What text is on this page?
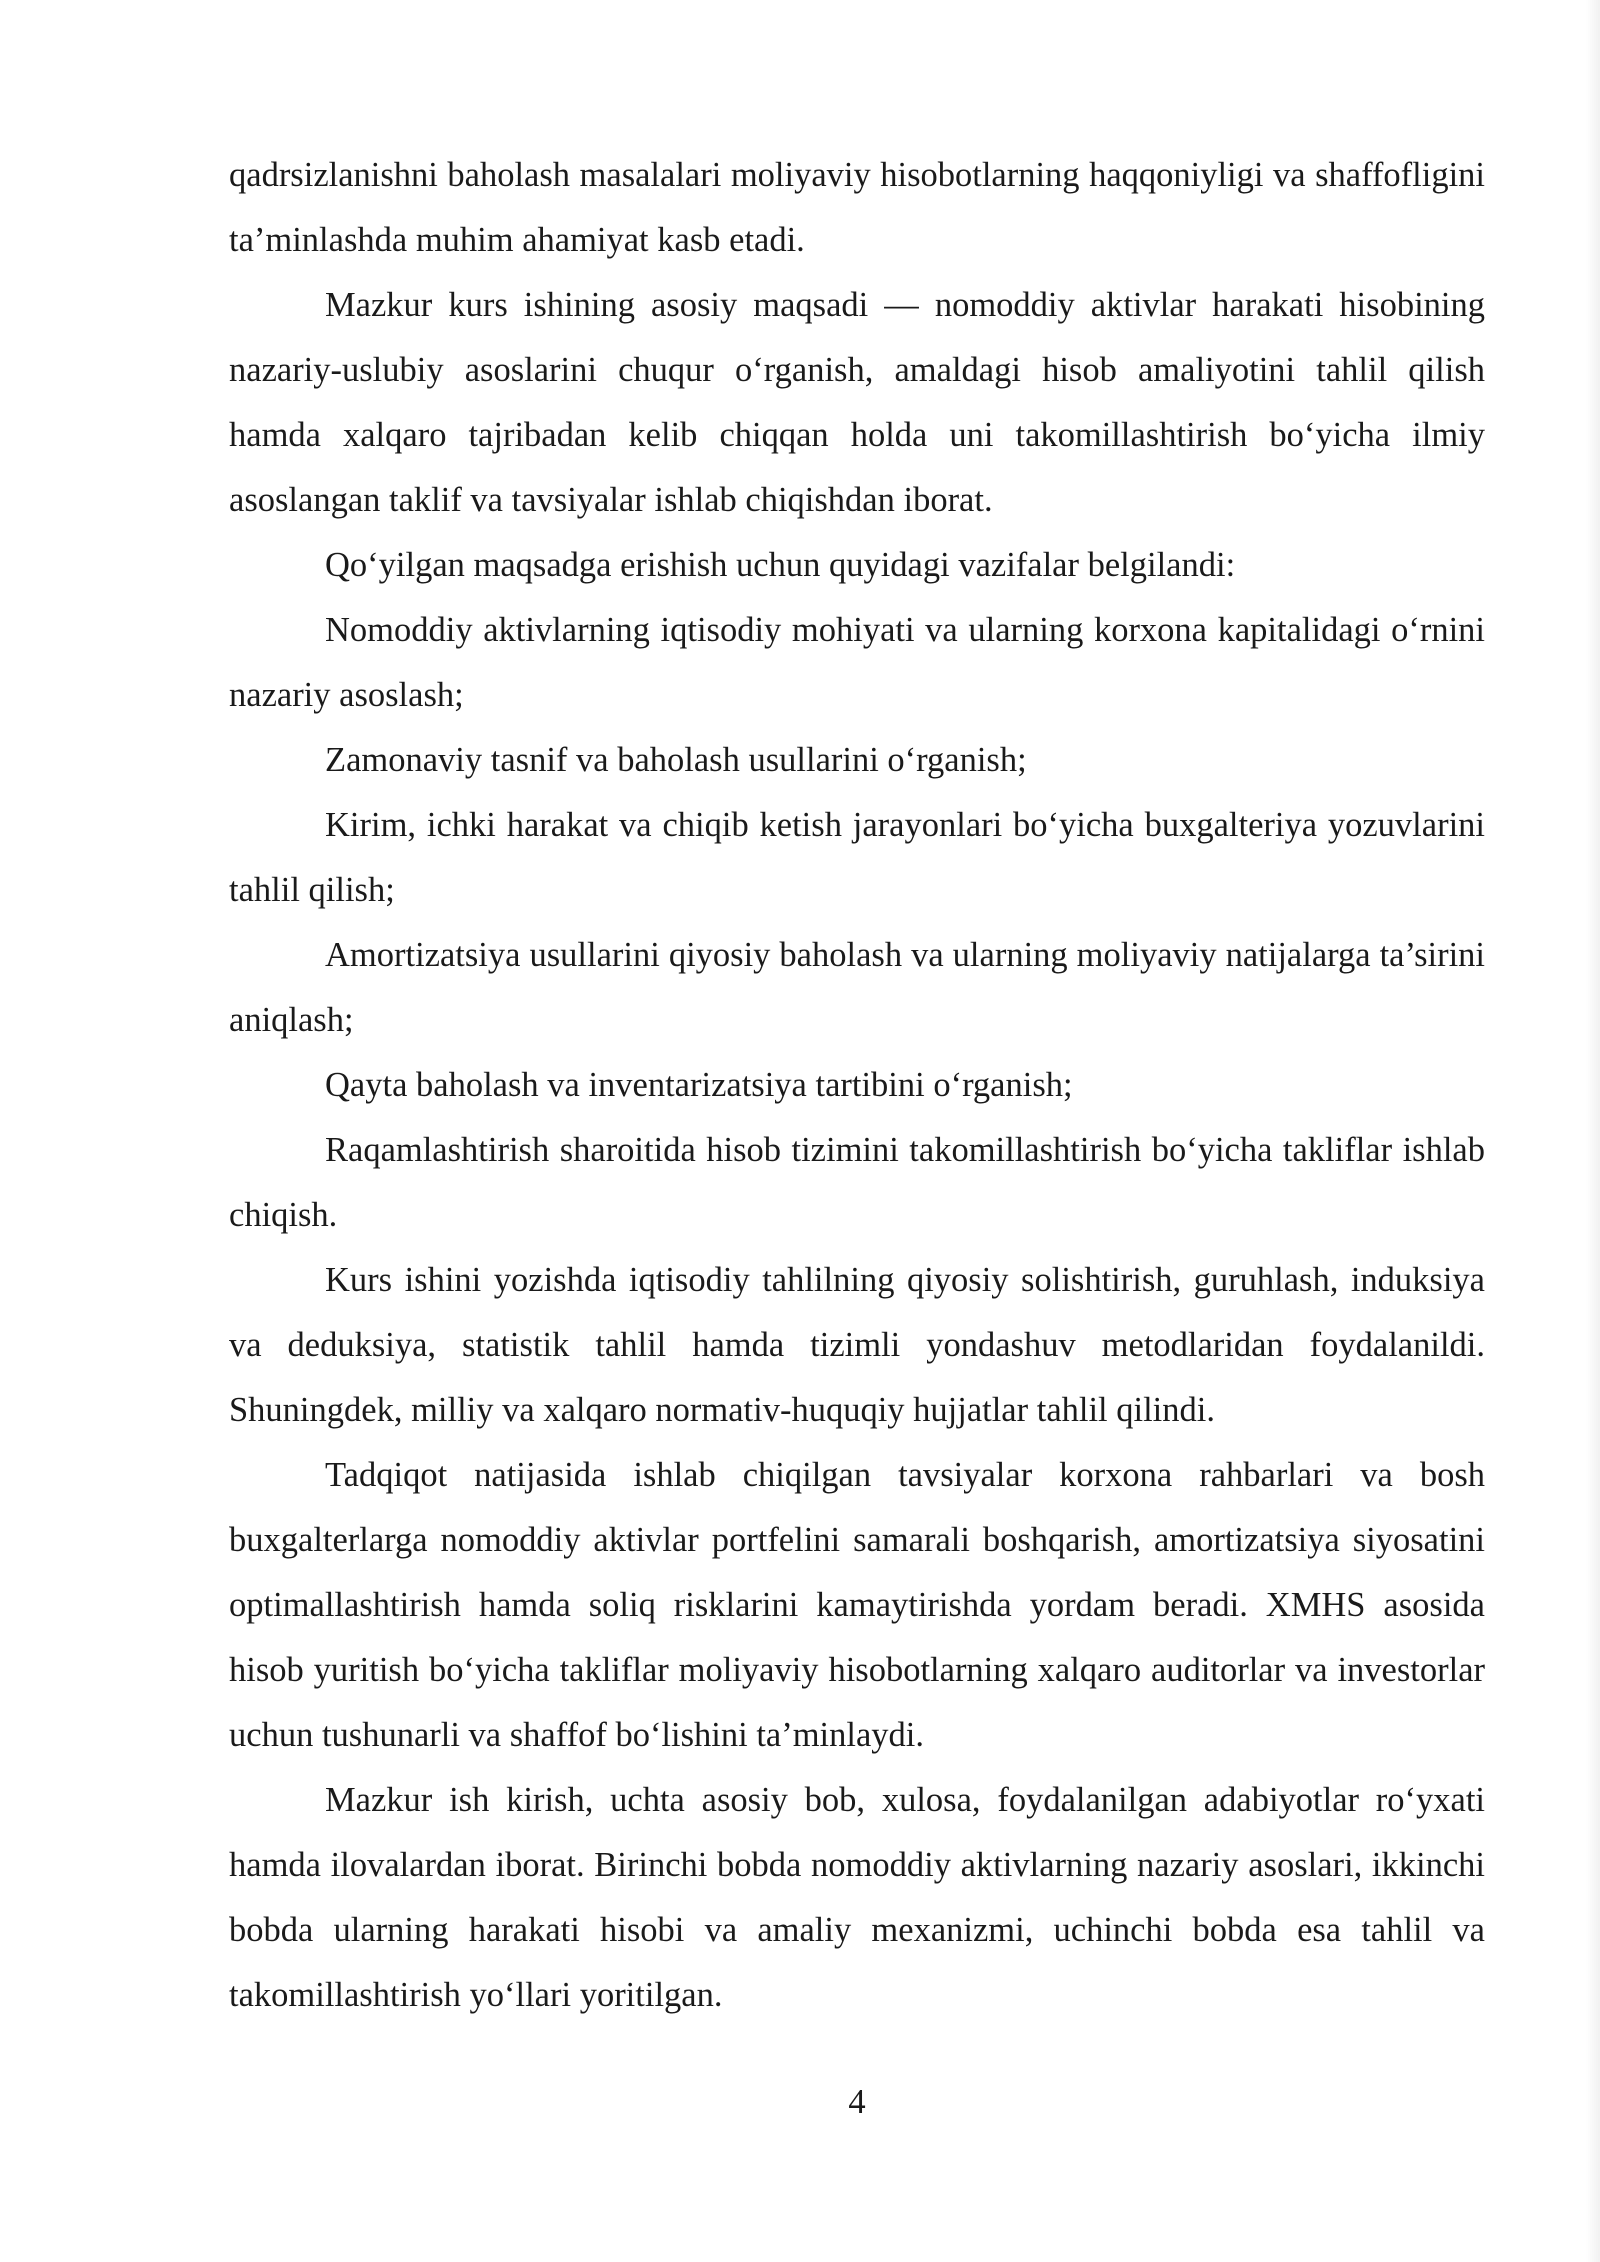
qadrsizlanishni baholash masalalari moliyaviy hisobotlarning haqqoniyligi va shaffofligini ta’minlashda muhim ahamiyat kasb etadi.

Mazkur kurs ishining asosiy maqsadi — nomoddiy aktivlar harakati hisobining nazariy-uslubiy asoslarini chuqur o‘rganish, amaldagi hisob amaliyotini tahlil qilish hamda xalqaro tajribadan kelib chiqqan holda uni takomillashtirish bo‘yicha ilmiy asoslangan taklif va tavsiyalar ishlab chiqishdan iborat.

Qo‘yilgan maqsadga erishish uchun quyidagi vazifalar belgilandi:

Nomoddiy aktivlarning iqtisodiy mohiyati va ularning korxona kapitalidagi o‘rnini nazariy asoslash;

Zamonaviy tasnif va baholash usullarini o‘rganish;

Kirim, ichki harakat va chiqib ketish jarayonlari bo‘yicha buxgalteriya yozuvlarini tahlil qilish;

Amortizatsiya usullarini qiyosiy baholash va ularning moliyaviy natijalarga ta’sirini aniqlash;

Qayta baholash va inventarizatsiya tartibini o‘rganish;

Raqamlashtirish sharoitida hisob tizimini takomillashtirish bo‘yicha takliflar ishlab chiqish.

Kurs ishini yozishda iqtisodiy tahlilning qiyosiy solishtirish, guruhlash, induksiya va deduksiya, statistik tahlil hamda tizimli yondashuv metodlaridan foydalanildi. Shuningdek, milliy va xalqaro normativ-huquqiy hujjatlar tahlil qilindi.

Tadqiqot natijasida ishlab chiqilgan tavsiyalar korxona rahbarlari va bosh buxgalterlarga nomoddiy aktivlar portfelini samarali boshqarish, amortizatsiya siyosatini optimallashtirish hamda soliq risklarini kamaytirishda yordam beradi. XMHS asosida hisob yuritish bo‘yicha takliflar moliyaviy hisobotlarning xalqaro auditorlar va investorlar uchun tushunarli va shaffof bo‘lishini ta’minlaydi.

Mazkur ish kirish, uchta asosiy bob, xulosa, foydalanilgan adabiyotlar ro‘yxati hamda ilovalardan iborat. Birinchi bobda nomoddiy aktivlarning nazariy asoslari, ikkinchi bobda ularning harakati hisobi va amaliy mexanizmi, uchinchi bobda esa tahlil va takomillashtirish yo‘llari yoritilgan.

4
